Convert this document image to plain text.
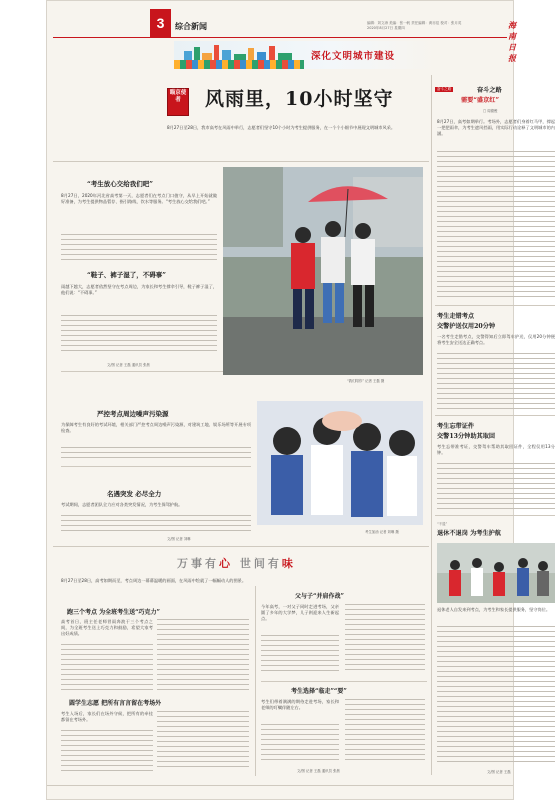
3	综合新闻	编辑：刘文涛 美编：张一帆 责任编辑：黄亦辰 校对：张月英
2020年8月27日 星期四	海南日报
深化文明城市建设
瞄京使者	风雨里，10小时坚守
8月27日至28日，我市高考在风雨中举行，志愿者们坚守10个小时为考生提供服务，在一个个小细节中展现文明城市风采。
“考生放心交给我们吧”
8月27日，2020年河北省高考第一天，志愿者们在考点门口值守，从早上开始就做好准备，为考生提供物品暂存、指引路线、饮水等服务。“考生放心交给我们吧。”
“鞋子、裤子湿了，不碍事”
雨越下越大，志愿者依然坚守在考点周边，为家长和考生撑伞引导，鞋子裤子湿了，他们说：“不碍事。”
文/图 记者 王磊 通讯员 张晨
严控考点周边噪声污染源
为保障考生有良好的考试环境，相关部门严控考点周边噪声污染源，对建筑工地、娱乐场所等开展专项检查。
名遇突发 必尽全力
考试期间，志愿者团队全力应对各类突发情况，为考生保驾护航。
文/图 记者 刘琳
“我们陪你” 记者 王磊 摄
考生加油 记者 刘琳 摄
万事有心 世间有味
8月27日至28日，高考如期而至，考点周边一幕幕温暖的画面，在风雨中绘就了一幅幅动人的图景。
跑三个考点 为全班考生送“巧克力”
高考首日，班主任老师冒雨奔波于三个考点之间，为全班考生送上巧克力和鼓励，希望大家考出好成绩。
圆学生志愿 把所有言言留在考场外
考生入场后，家长们在场外守候，把所有的牵挂都留在考场外。
父与子“并肩作战”
今年高考，一对父子同时走进考场，父亲圆了多年的大学梦，儿子则迎来人生新起点。
考生选择“临走”“要”
考生们带着满满的期待走进考场，家长和老师的叮嘱伴随左右。
文/图 记者 王磊 通讯员 张晨
奋斗之路	奋斗之路
需要“盛京红”
□ 周德俊
8月27日，高考如期举行。考场外，志愿者们身着红马甲，撑起一把把雨伞，为考生遮风挡雨，用实际行动诠释了文明城市的内涵。
考生走错考点
交警护送仅用20分钟
一名考生走错考点，交警得知后立即驾车护送，仅用20分钟便将考生安全送达正确考点。
考生忘带证件
交警13分钟助其取回
考生忘带准考证，交警驾车帮助其取回证件，全程仅用13分钟。
“不退”
退休不退岗 为考生护航
退休老人自发来到考点，为考生和家长提供服务，坚守岗位。
文/图 记者 王磊
